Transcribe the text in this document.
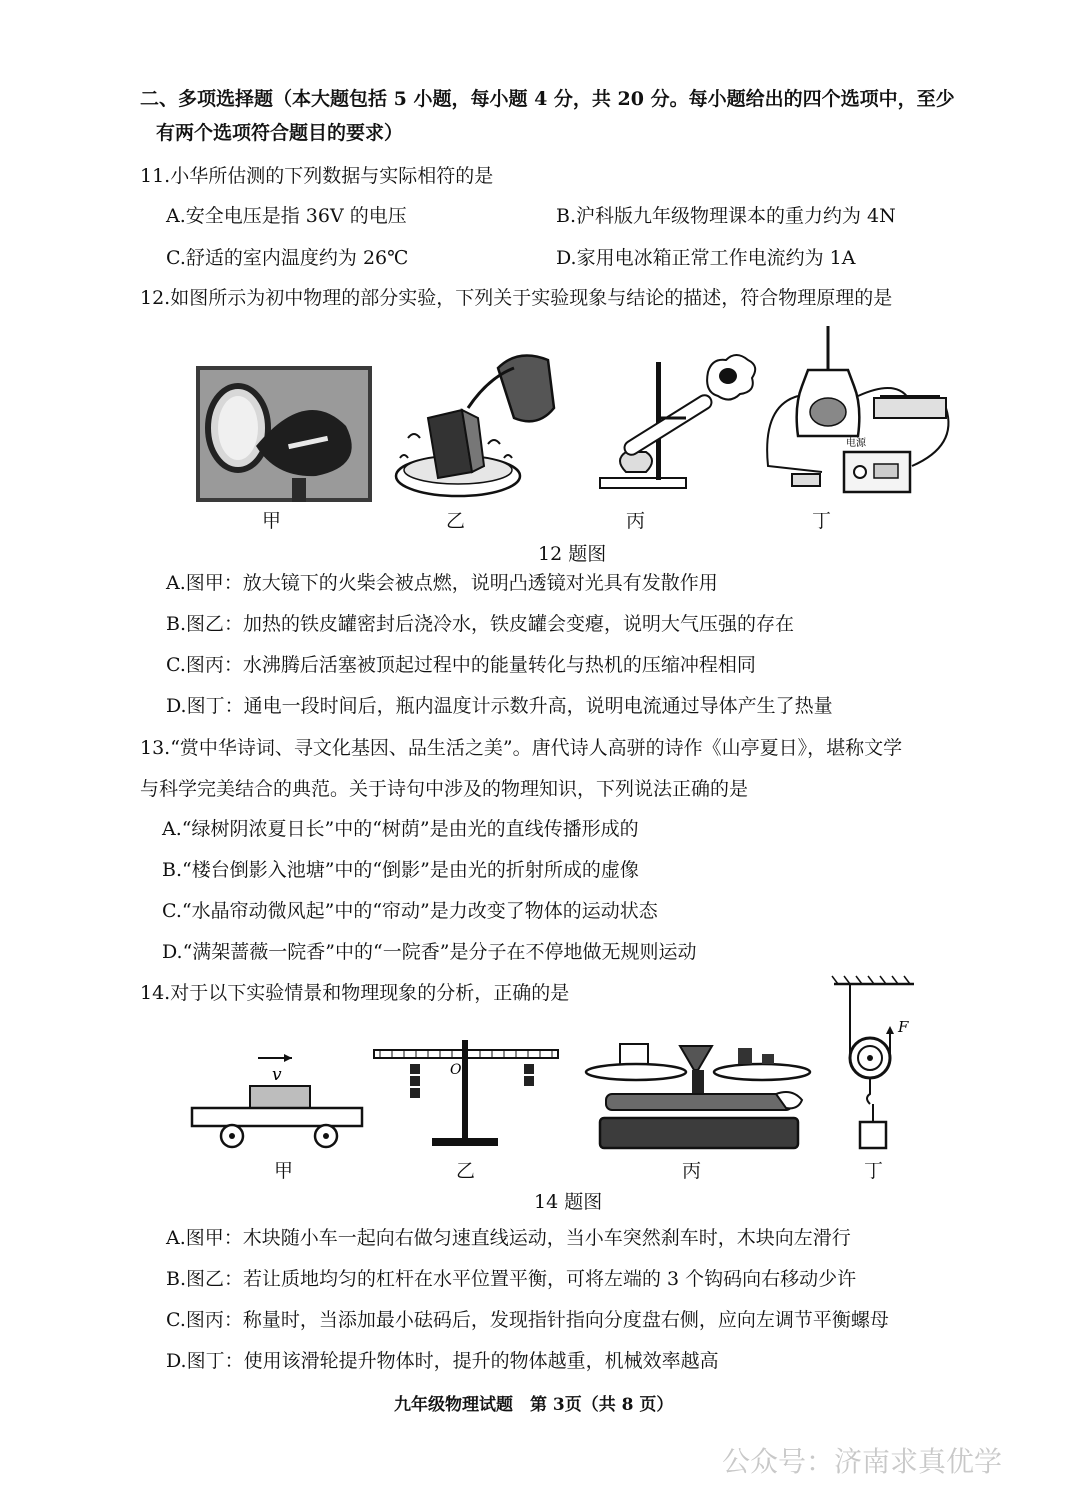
二、多项选择题（本大题包括 5 小题，每小题 4 分，共 20 分。每小题给出的四个选项中，至少
有两个选项符合题目的要求）
11.小华所估测的下列数据与实际相符的是
A.安全电压是指 36V 的电压	B.沪科版九年级物理课本的重力约为 4N
C.舒适的室内温度约为 26℃	D.家用电冰箱正常工作电流约为 1A
12.如图所示为初中物理的部分实验，下列关于实验现象与结论的描述，符合物理原理的是
甲	乙	丙
电源
丁
12 题图
A.图甲：放大镜下的火柴会被点燃，说明凸透镜对光具有发散作用
B.图乙：加热的铁皮罐密封后浇冷水，铁皮罐会变瘪，说明大气压强的存在
C.图丙：水沸腾后活塞被顶起过程中的能量转化与热机的压缩冲程相同
D.图丁：通电一段时间后，瓶内温度计示数升高，说明电流通过导体产生了热量
13.“赏中华诗词、寻文化基因、品生活之美”。唐代诗人高骈的诗作《山亭夏日》，堪称文学
与科学完美结合的典范。关于诗句中涉及的物理知识，下列说法正确的是
A.“绿树阴浓夏日长”中的“树荫”是由光的直线传播形成的
B.“楼台倒影入池塘”中的“倒影”是由光的折射所成的虚像
C.“水晶帘动微风起”中的“帘动”是力改变了物体的运动状态
D.“满架蔷薇一院香”中的“一院香”是分子在不停地做无规则运动
14.对于以下实验情景和物理现象的分析，正确的是
v
甲
O
乙	丙
F
丁
14 题图
A.图甲：木块随小车一起向右做匀速直线运动，当小车突然刹车时，木块向左滑行
B.图乙：若让质地均匀的杠杆在水平位置平衡，可将左端的 3 个钩码向右移动少许
C.图丙：称量时，当添加最小砝码后，发现指针指向分度盘右侧，应向左调节平衡螺母
D.图丁：使用该滑轮提升物体时，提升的物体越重，机械效率越高
九年级物理试题　第 3页（共 8 页）
公众号：济南求真优学
